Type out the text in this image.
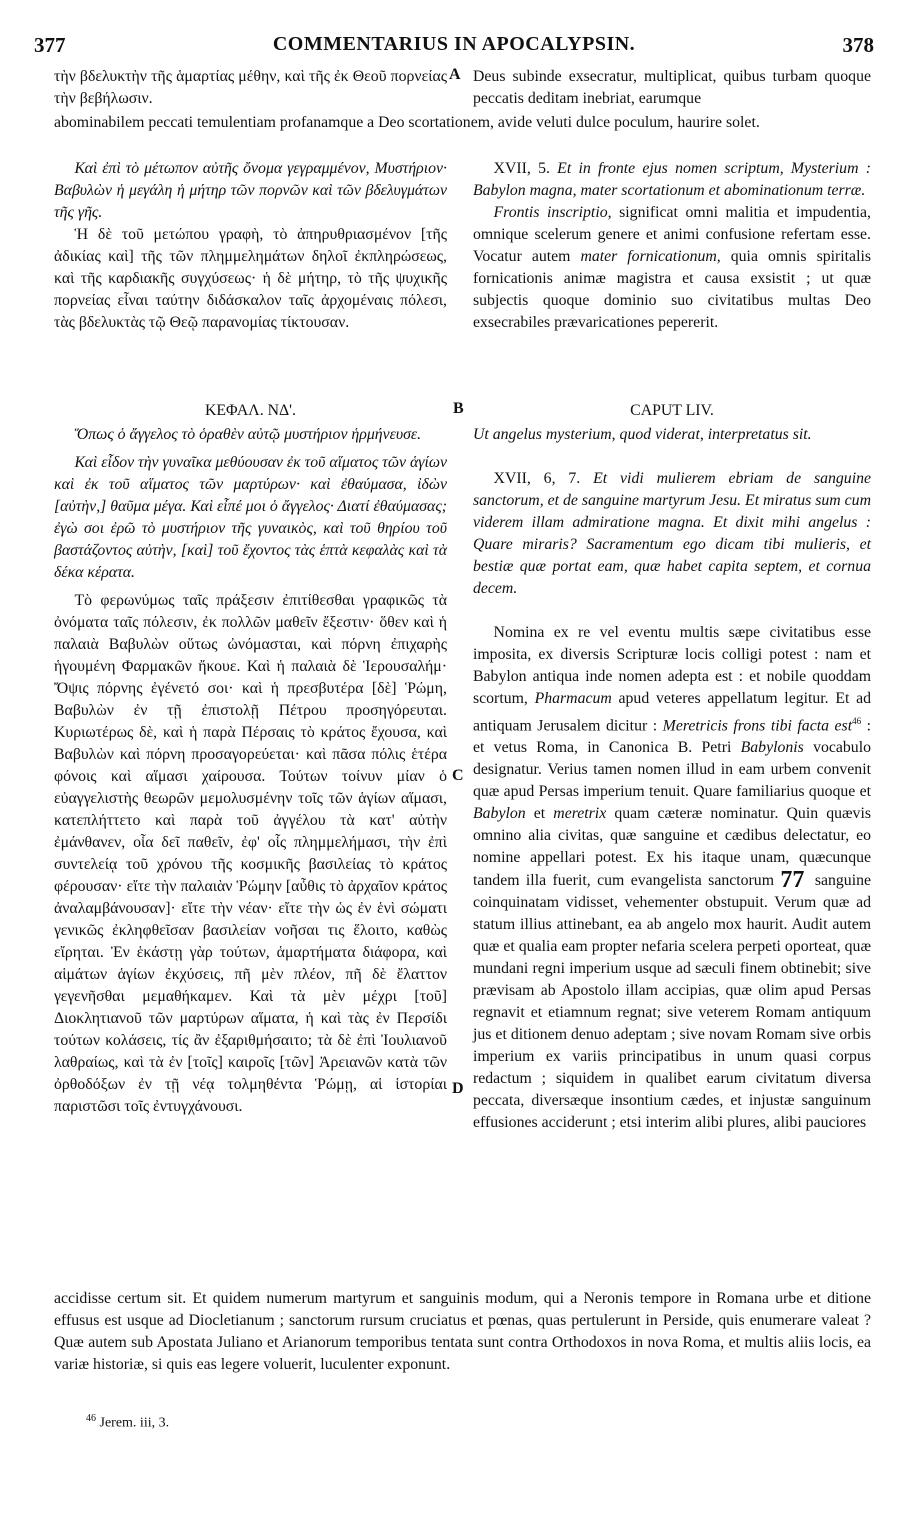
377	COMMENTARIUS IN APOCALYPSIN.	378
A
B
C
D

τὴν βδελυκτὴν τῆς ἁμαρτίας μέθην, καὶ τῆς ἐκ Θεοῦ πορνείας τὴν βεβήλωσιν.

Deus subinde exsecratur, multiplicat, quibus turbam quoque peccatis deditam inebriat, earumque

abominabilem peccati temulentiam profanamque a Deo scortationem, avide veluti dulce poculum, haurire solet.

Καὶ ἐπὶ τὸ μέτωπον αὐτῆς ὄνομα γεγραμμένον, Μυστήριον· Βαβυλὼν ἡ μεγάλη ἡ μήτηρ τῶν πορνῶν καὶ τῶν βδελυγμάτων τῆς γῆς.

Ἡ δὲ τοῦ μετώπου γραφὴ, τὸ ἀπηρυθριασμένον [τῆς ἀδικίας καὶ] τῆς τῶν πλημμελημάτων δηλοῖ ἐκπληρώσεως, καὶ τῆς καρδιακῆς συγχύσεως· ἡ δὲ μήτηρ, τὸ τῆς ψυχικῆς πορνείας εἶναι ταύτην διδάσκαλον ταῖς ἀρχομέναις πόλεσι, τὰς βδελυκτὰς τῷ Θεῷ παρανομίας τίκτουσαν.

XVII, 5. Et in fronte ejus nomen scriptum, Mysterium : Babylon magna, mater scortationum et abominationum terræ.

Frontis inscriptio, significat omni malitia et impudentia, omnique scelerum genere et animi confusione refertam esse. Vocatur autem mater fornicationum, quia omnis spiritalis fornicationis animæ magistra et causa exsistit ; ut quæ subjectis quoque dominio suo civitatibus multas Deo exsecrabiles prævaricationes pepererit.

ΚΕΦΑΛ. ΝΔ'.

Ὅπως ὁ ἄγγελος τὸ ὁραθὲν αὐτῷ μυστήριον ἡρμήνευσε.

Καὶ εἶδον τὴν γυναῖκα μεθύουσαν ἐκ τοῦ αἵματος τῶν ἁγίων καὶ ἐκ τοῦ αἵματος τῶν μαρτύρων· καὶ ἐθαύμασα, ἰδὼν [αὐτὴν,] θαῦμα μέγα. Καὶ εἶπέ μοι ὁ ἄγγελος· Διατί ἐθαύμασας; ἐγὼ σοι ἐρῶ τὸ μυστήριον τῆς γυναικὸς, καὶ τοῦ θηρίου τοῦ βαστάζοντος αὐτὴν, [καὶ] τοῦ ἔχοντος τὰς ἑπτὰ κεφαλὰς καὶ τὰ δέκα κέρατα.

Τὸ φερωνύμως ταῖς πράξεσιν ἐπιτίθεσθαι γραφικῶς τὰ ὀνόματα ταῖς πόλεσιν, ἐκ πολλῶν μαθεῖν ἔξεστιν· ὅθεν καὶ ἡ παλαιὰ Βαβυλὼν οὕτως ὠνόμασται, καὶ πόρνη ἐπιχαρὴς ἡγουμένη Φαρμακῶν ἤκουε. Καὶ ἡ παλαιὰ δὲ Ἱερουσαλήμ· Ὄψις πόρνης ἐγένετό σοι· καὶ ἡ πρεσβυτέρα [δὲ] Ῥώμη, Βαβυλὼν ἐν τῇ ἐπιστολῇ Πέτρου προσηγόρευται. Κυριωτέρως δὲ, καὶ ἡ παρὰ Πέρσαις τὸ κράτος ἔχουσα, καὶ Βαβυλὼν καὶ πόρνη προσαγορεύεται· καὶ πᾶσα πόλις ἑτέρα φόνοις καὶ αἵμασι χαίρουσα. Τούτων τοίνυν μίαν ὁ εὐαγγελιστὴς θεωρῶν μεμολυσμένην τοῖς τῶν ἁγίων αἵμασι, κατεπλήττετο καὶ παρὰ τοῦ ἀγγέλου τὰ κατ' αὐτὴν ἐμάνθανεν, οἷα δεῖ παθεῖν, ἐφ' οἷς πλημμελήμασι, τὴν ἐπὶ συντελείᾳ τοῦ χρόνου τῆς κοσμικῆς βασιλείας τὸ κράτος φέρουσαν· εἴτε τὴν παλαιὰν Ῥώμην [αὖθις τὸ ἀρχαῖον κράτος ἀναλαμβάνουσαν]· εἴτε τὴν νέαν· εἴτε τὴν ὡς ἐν ἑνὶ σώματι γενικῶς ἐκληφθεῖσαν βασιλείαν νοῆσαι τις ἕλοιτο, καθὼς εἴρηται. Ἐν ἑκάστῃ γὰρ τούτων, ἁμαρτήματα διάφορα, καὶ αἱμάτων ἁγίων ἐκχύσεις, πῆ μὲν πλέον, πῆ δὲ ἔλαττον γεγενῆσθαι μεμαθήκαμεν. Καὶ τὰ μὲν μέχρι [τοῦ] Διοκλητιανοῦ τῶν μαρτύρων αἵματα, ἡ καὶ τὰς ἐν Περσίδι τούτων κολάσεις, τίς ἂν ἐξαριθμήσαιτο; τὰ δὲ ἐπὶ Ἰουλιανοῦ λαθραίως, καὶ τὰ ἐν [τοῖς] καιροῖς [τῶν] Ἀρειανῶν κατὰ τῶν ὀρθοδόξων ἐν τῇ νέᾳ τολμηθέντα Ῥώμῃ, αἱ ἱστορίαι παριστῶσι τοῖς ἐντυγχάνουσι.

CAPUT LIV.

Ut angelus mysterium, quod viderat, interpretatus sit.

XVII, 6, 7. Et vidi mulierem ebriam de sanguine sanctorum, et de sanguine martyrum Jesu. Et miratus sum cum viderem illam admiratione magna. Et dixit mihi angelus : Quare miraris? Sacramentum ego dicam tibi mulieris, et bestiæ quæ portat eam, quæ habet capita septem, et cornua decem.

Nomina ex re vel eventu multis sæpe civitatibus esse imposita, ex diversis Scripturæ locis colligi potest : nam et Babylon antiqua inde nomen adepta est : et nobile quoddam scortum, Pharmacum apud veteres appellatum legitur. Et ad antiquam Jerusalem dicitur : Meretricis frons tibi facta est$^{46}$ : et vetus Roma, in Canonica B. Petri Babylonis vocabulo designatur. Verius tamen nomen illud in eam urbem convenit quæ apud Persas imperium tenuit. Quare familiarius quoque et Babylon et meretrix quam cæteræ nominatur. Quin quævis omnino alia civitas, quæ sanguine et cædibus delectatur, eo nomine appellari potest. Ex his itaque unam, quæcunque tandem illa fuerit, cum evangelista sanctorum 77 sanguine coinquinatam vidisset, vehementer obstupuit. Verum quæ ad statum illius attinebant, ea ab angelo mox haurit. Audit autem quæ et qualia eam propter nefaria scelera perpeti oporteat, quæ mundani regni imperium usque ad sæculi finem obtinebit; sive prævisam ab Apostolo illam accipias, quæ olim apud Persas regnavit et etiamnum regnat; sive veterem Romam antiquum jus et ditionem denuo adeptam ; sive novam Romam sive orbis imperium ex variis principatibus in unum quasi corpus redactum ; siquidem in qualibet earum civitatum diversa peccata, diversæque insontium cædes, et injustæ sanguinum effusiones acciderunt ; etsi interim alibi plures, alibi pauciores

accidisse certum sit. Et quidem numerum martyrum et sanguinis modum, qui a Neronis tempore in Romana urbe et ditione effusus est usque ad Diocletianum ; sanctorum rursum cruciatus et pœnas, quas pertulerunt in Perside, quis enumerare valeat ? Quæ autem sub Apostata Juliano et Arianorum temporibus tentata sunt contra Orthodoxos in nova Roma, et multis aliis locis, ea variæ historiæ, si quis eas legere voluerit, luculenter exponunt.

$^{46}$ Jerem. iii, 3.
